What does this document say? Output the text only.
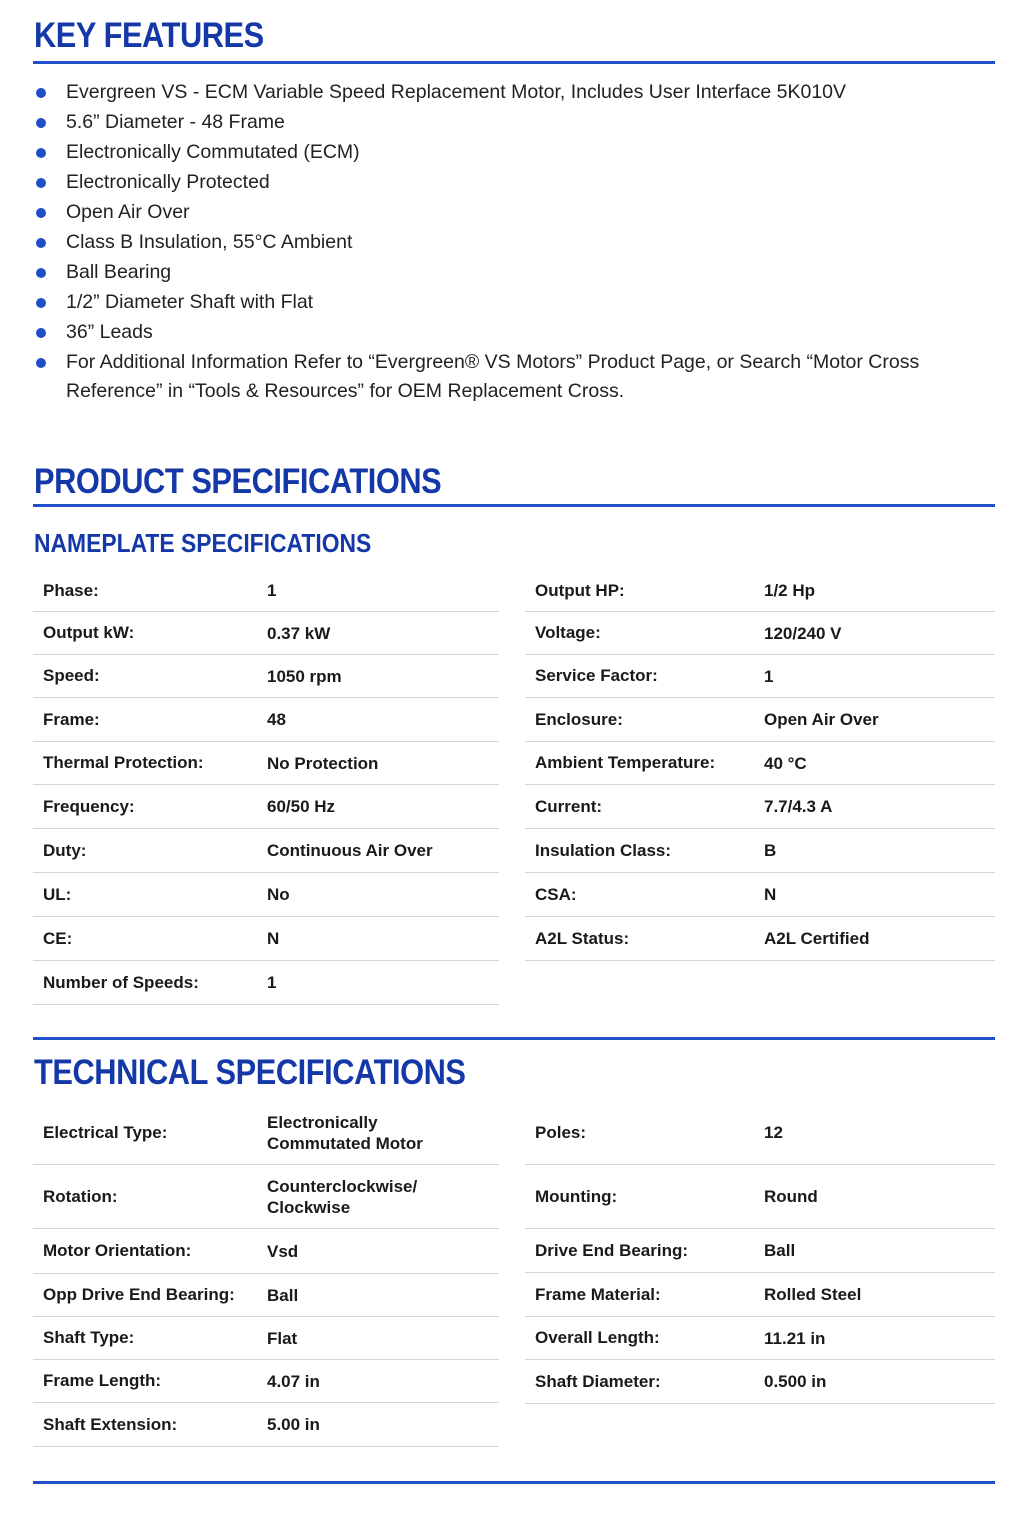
KEY FEATURES
Evergreen VS - ECM Variable Speed Replacement Motor, Includes User Interface 5K010V
5.6” Diameter - 48 Frame
Electronically Commutated (ECM)
Electronically Protected
Open Air Over
Class B Insulation, 55°C Ambient
Ball Bearing
1/2” Diameter Shaft with Flat
36” Leads
For Additional Information Refer to “Evergreen® VS Motors” Product Page, or Search “Motor Cross Reference” in “Tools & Resources” for OEM Replacement Cross.
PRODUCT SPECIFICATIONS
NAMEPLATE SPECIFICATIONS
Phase:	1
Output kW:	0.37 kW
Speed:	1050 rpm
Frame:	48
Thermal Protection:	No Protection
Frequency:	60/50 Hz
Duty:	Continuous Air Over
UL:	No
CE:	N
Number of Speeds:	1
Output HP:	1/2 Hp
Voltage:	120/240 V
Service Factor:	1
Enclosure:	Open Air Over
Ambient Temperature:	40 °C
Current:	7.7/4.3 A
Insulation Class:	B
CSA:	N
A2L Status:	A2L Certified
TECHNICAL SPECIFICATIONS
Electrical Type:
Electronically Commutated Motor
Rotation:
Counterclockwise/ Clockwise
Motor Orientation:	Vsd
Opp Drive End Bearing:	Ball
Shaft Type:	Flat
Frame Length:	4.07 in
Shaft Extension:	5.00 in
Poles:	12
Mounting:	Round
Drive End Bearing:	Ball
Frame Material:	Rolled Steel
Overall Length:	11.21 in
Shaft Diameter:	0.500 in
